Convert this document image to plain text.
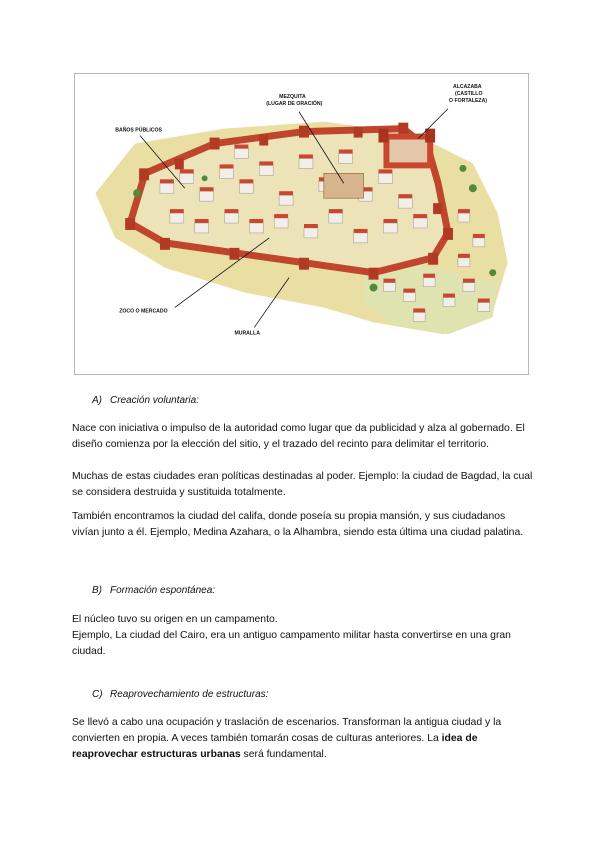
BAÑOS PÚBLICOS
MEZQUITA
(LUGAR DE ORACIÓN)
ALCAZABA
(CASTILLO
O FORTALEZA)
ZOCO O MERCADO
MURALLA
A) Creación voluntaria:

Nace con iniciativa o impulso de la autoridad como lugar que da publicidad y alza al gobernado. El diseño comienza por la elección del sitio, y el trazado del recinto para delimitar el territorio.

Muchas de estas ciudades eran políticas destinadas al poder. Ejemplo: la ciudad de Bagdad, la cual se considera destruida y sustituida totalmente.

También encontramos la ciudad del califa, donde poseía su propia mansión, y sus ciudadanos vivían junto a él. Ejemplo, Medina Azahara, o la Alhambra, siendo esta última una ciudad palatina.

B) Formación espontánea:

El núcleo tuvo su origen en un campamento.

Ejemplo, La ciudad del Cairo, era un antiguo campamento militar hasta convertirse en una gran ciudad.

C) Reaprovechamiento de estructuras:

Se llevó a cabo una ocupación y traslación de escenarios. Transforman la antigua ciudad y la convierten en propia. A veces también tomarán cosas de culturas anteriores. La idea de reaprovechar estructuras urbanas será fundamental.
